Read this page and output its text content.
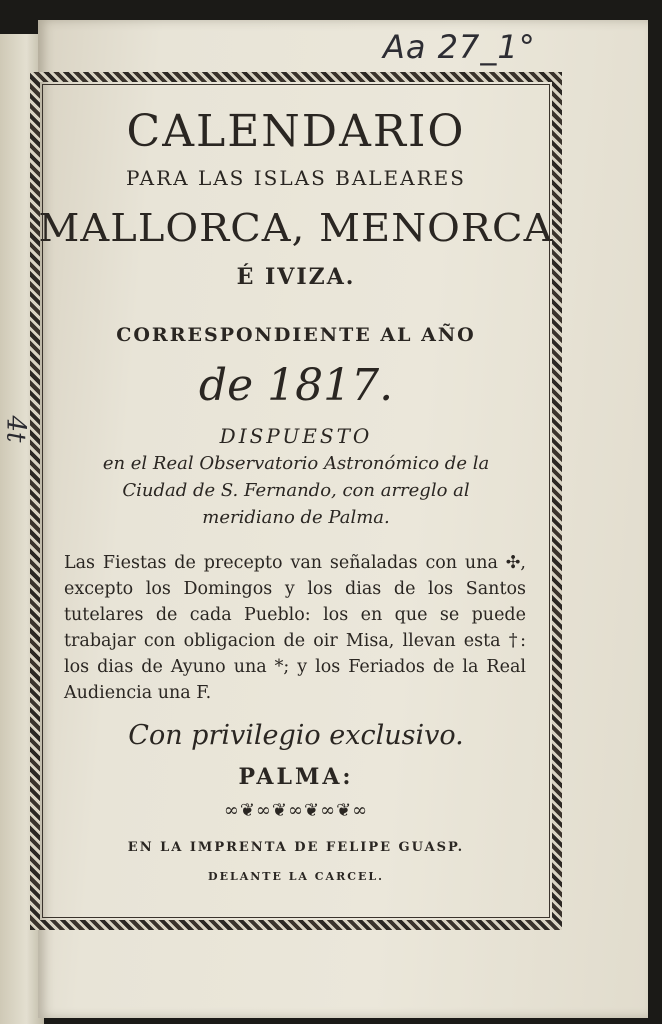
4t
Aa 27_1°
CALENDARIO
PARA LAS ISLAS BALEARES
MALLORCA, MENORCA
É IVIZA.
CORRESPONDIENTE AL AÑO
de 1817.
DISPUESTO
en el Real Observatorio Astronómico de la Ciudad de S. Fernando, con arreglo al meridiano de Palma.
Las Fiestas de precepto van señaladas con una ✣, excepto los Domingos y los dias de los Santos tutelares de cada Pueblo: los en que se puede trabajar con obligacion de oir Misa, llevan esta †: los dias de Ayuno una *; y los Feriados de la Real Audiencia una F.
Con privilegio exclusivo.
PALMA:
∞❦∞❦∞❦∞❦∞
EN LA IMPRENTA DE FELIPE GUASP.
DELANTE LA CARCEL.
